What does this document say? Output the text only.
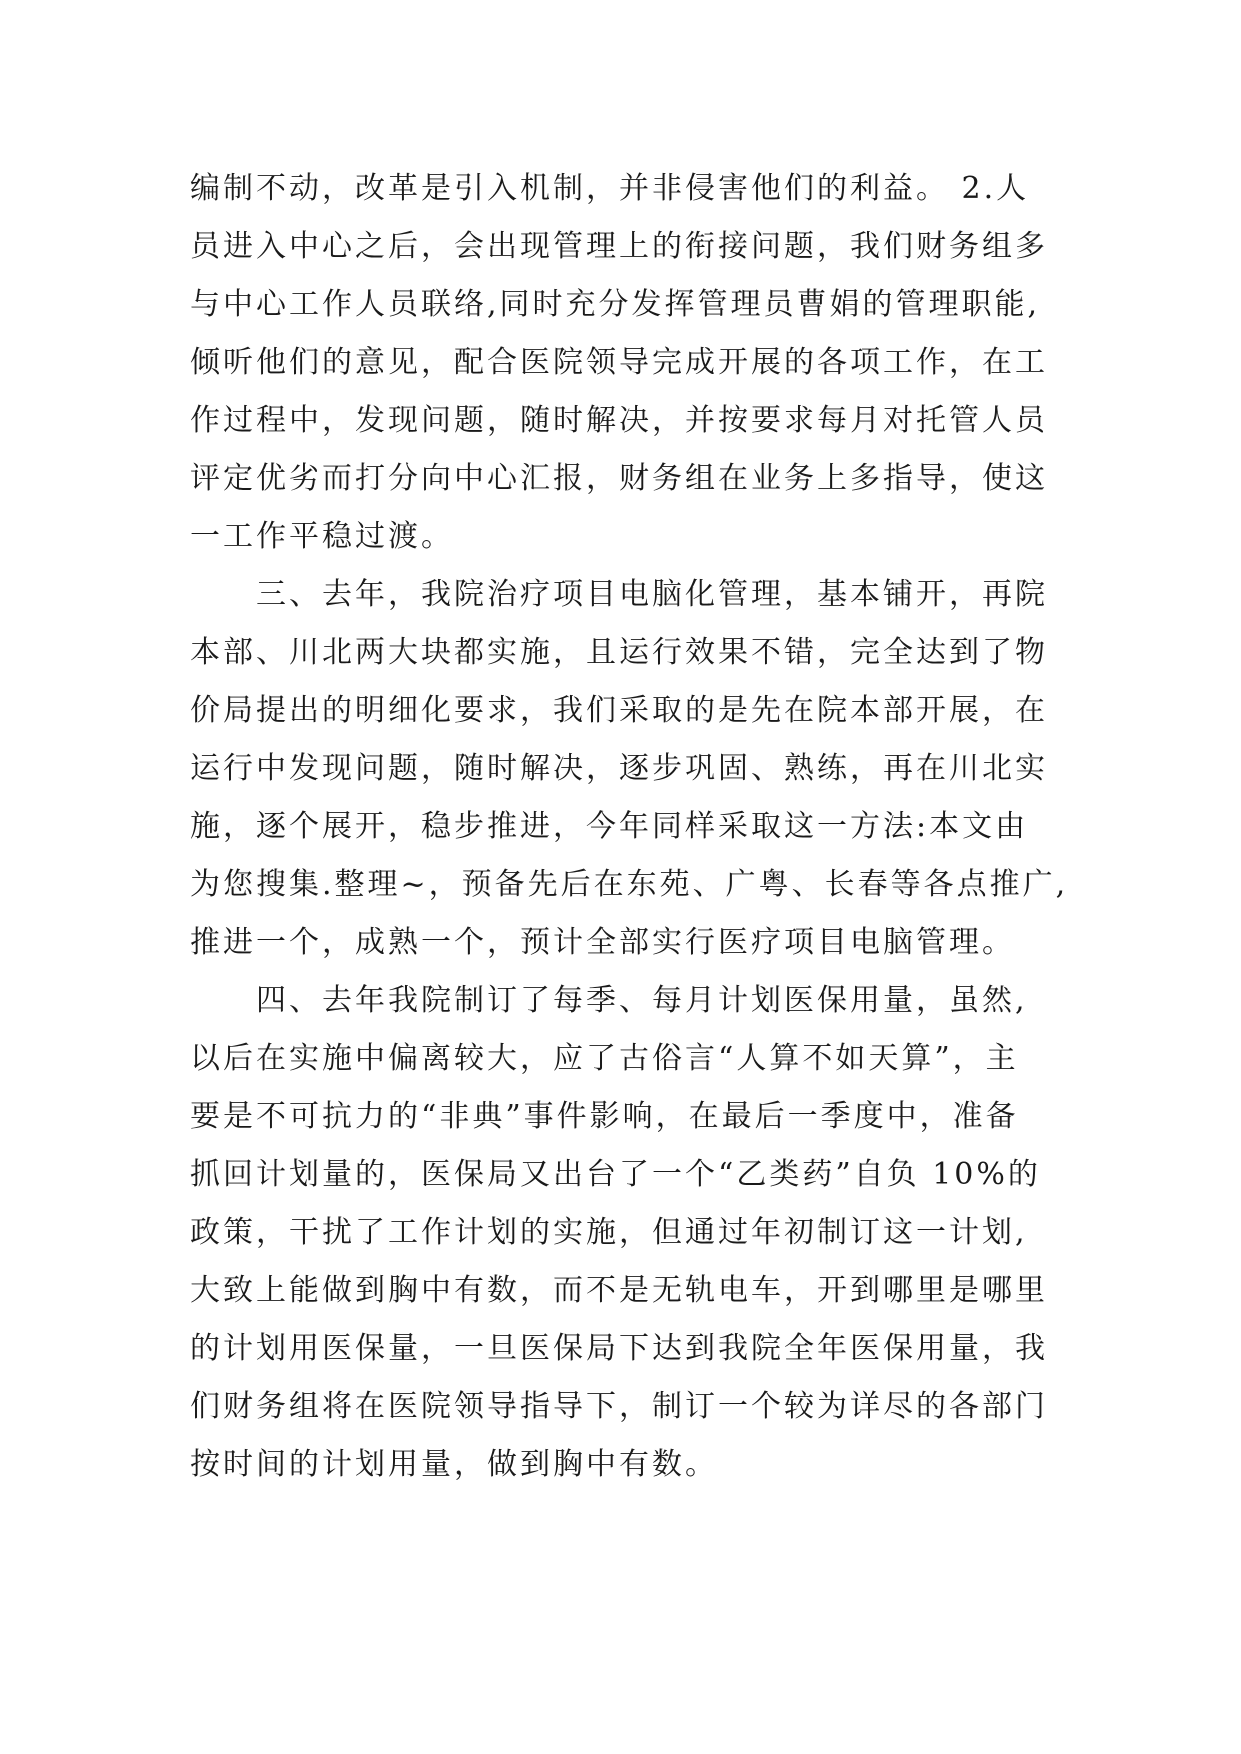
编制不动，改革是引入机制，并非侵害他们的利益。 2.人
员进入中心之后，会出现管理上的衔接问题，我们财务组多
与中心工作人员联络,同时充分发挥管理员曹娟的管理职能,
倾听他们的意见，配合医院领导完成开展的各项工作，在工
作过程中，发现问题，随时解决，并按要求每月对托管人员
评定优劣而打分向中心汇报，财务组在业务上多指导，使这
一工作平稳过渡。
　　三、去年，我院治疗项目电脑化管理，基本铺开，再院
本部、川北两大块都实施，且运行效果不错，完全达到了物
价局提出的明细化要求，我们采取的是先在院本部开展，在
运行中发现问题，随时解决，逐步巩固、熟练，再在川北实
施，逐个展开，稳步推进，今年同样采取这一方法:本文由
为您搜集.整理~，预备先后在东苑、广粤、长春等各点推广,
推进一个，成熟一个，预计全部实行医疗项目电脑管理。
　　四、去年我院制订了每季、每月计划医保用量，虽然,
以后在实施中偏离较大，应了古俗言“人算不如天算”，主
要是不可抗力的“非典”事件影响，在最后一季度中，准备
抓回计划量的，医保局又出台了一个“乙类药”自负 10%的
政策，干扰了工作计划的实施，但通过年初制订这一计划,
大致上能做到胸中有数，而不是无轨电车，开到哪里是哪里
的计划用医保量，一旦医保局下达到我院全年医保用量，我
们财务组将在医院领导指导下，制订一个较为详尽的各部门
按时间的计划用量，做到胸中有数。
